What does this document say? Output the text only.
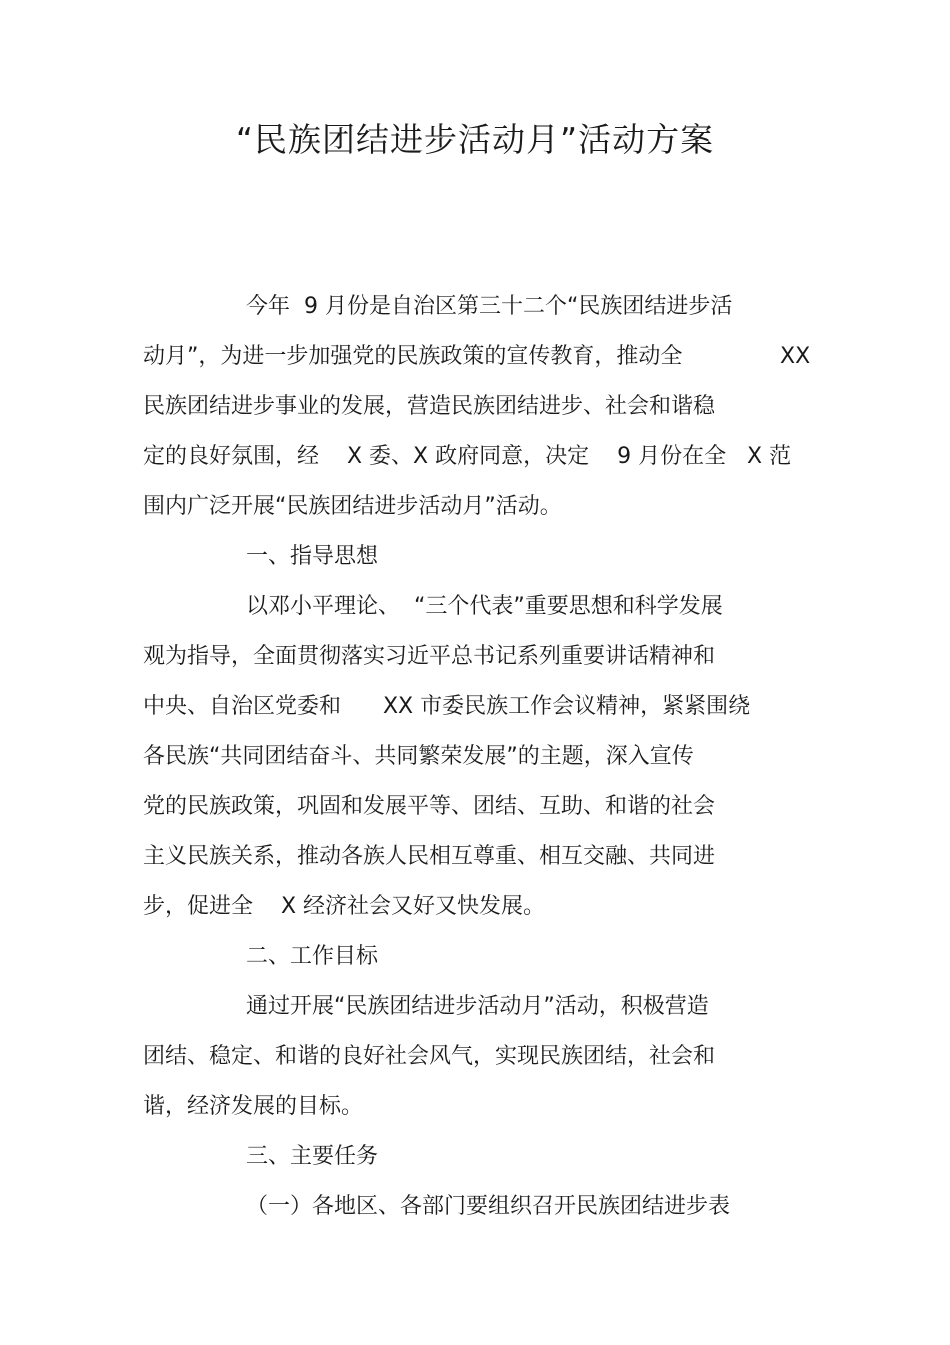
“民族团结进步活动月”活动方案
今年  9 月份是自治区第三十二个“民族团结进步活
动月”，为进一步加强党的民族政策的宣传教育，推动全	XX
民族团结进步事业的发展，营造民族团结进步、社会和谐稳
定的良好氛围，经    X 委、X 政府同意，决定    9 月份在全   X 范
围内广泛开展“民族团结进步活动月”活动。
一、指导思想
以邓小平理论、  “三个代表”重要思想和科学发展
观为指导，全面贯彻落实习近平总书记系列重要讲话精神和
中央、自治区党委和      XX 市委民族工作会议精神，紧紧围绕
各民族“共同团结奋斗、共同繁荣发展”的主题，深入宣传
党的民族政策，巩固和发展平等、团结、互助、和谐的社会
主义民族关系，推动各族人民相互尊重、相互交融、共同进
步，促进全    X 经济社会又好又快发展。
二、工作目标
通过开展“民族团结进步活动月”活动，积极营造
团结、稳定、和谐的良好社会风气，实现民族团结，社会和
谐，经济发展的目标。
三、主要任务
（一）各地区、各部门要组织召开民族团结进步表
